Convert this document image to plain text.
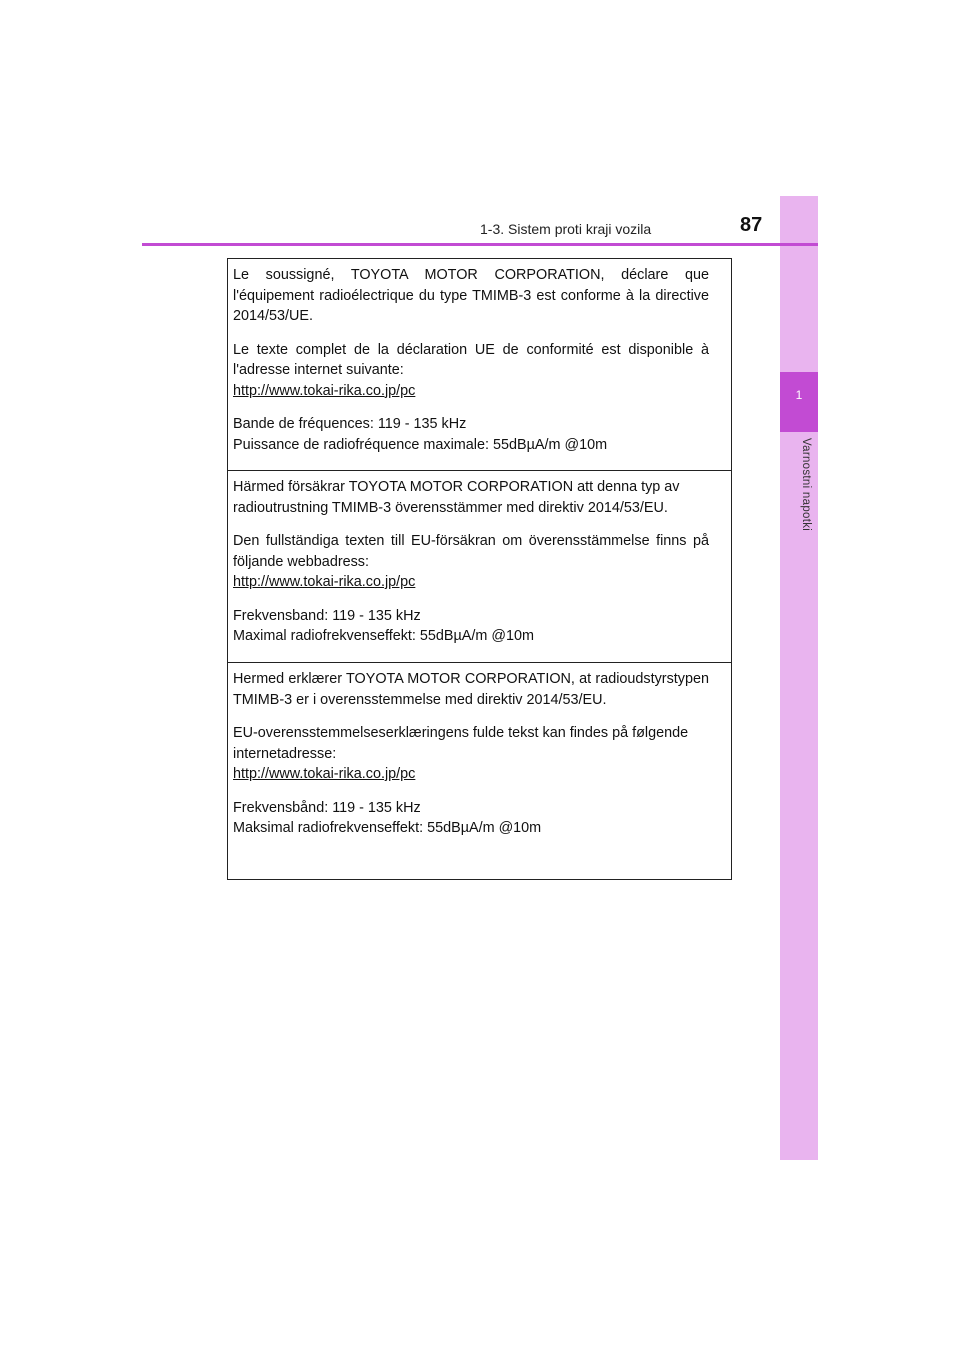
1
Varnostni napotki
1-3. Sistem proti kraji vozila	87

Le soussigné, TOYOTA MOTOR CORPORATION, déclare que l'équipement radioélectrique du type TMIMB-3 est conforme à la directive 2014/53/UE.

Le texte complet de la déclaration UE de conformité est disponible à l'adresse internet suivante:

http://www.tokai-rika.co.jp/pc

Bande de fréquences: 119 - 135 kHz

Puissance de radiofréquence maximale: 55dBµA/m @10m

Härmed försäkrar TOYOTA MOTOR CORPORATION att denna typ av radioutrustning TMIMB-3 överensstämmer med direktiv 2014/53/EU.

Den fullständiga texten till EU-försäkran om överensstämmelse finns på följande webbadress:

http://www.tokai-rika.co.jp/pc

Frekvensband: 119 - 135 kHz

Maximal radiofrekvenseffekt: 55dBµA/m @10m

Hermed erklærer TOYOTA MOTOR CORPORATION, at radioudstyrstypen TMIMB-3 er i overensstemmelse med direktiv 2014/53/EU.

EU-overensstemmelseserklæringens fulde tekst kan findes på følgende internetadresse:

http://www.tokai-rika.co.jp/pc

Frekvensbånd: 119 - 135 kHz

Maksimal radiofrekvenseffekt: 55dBµA/m @10m
